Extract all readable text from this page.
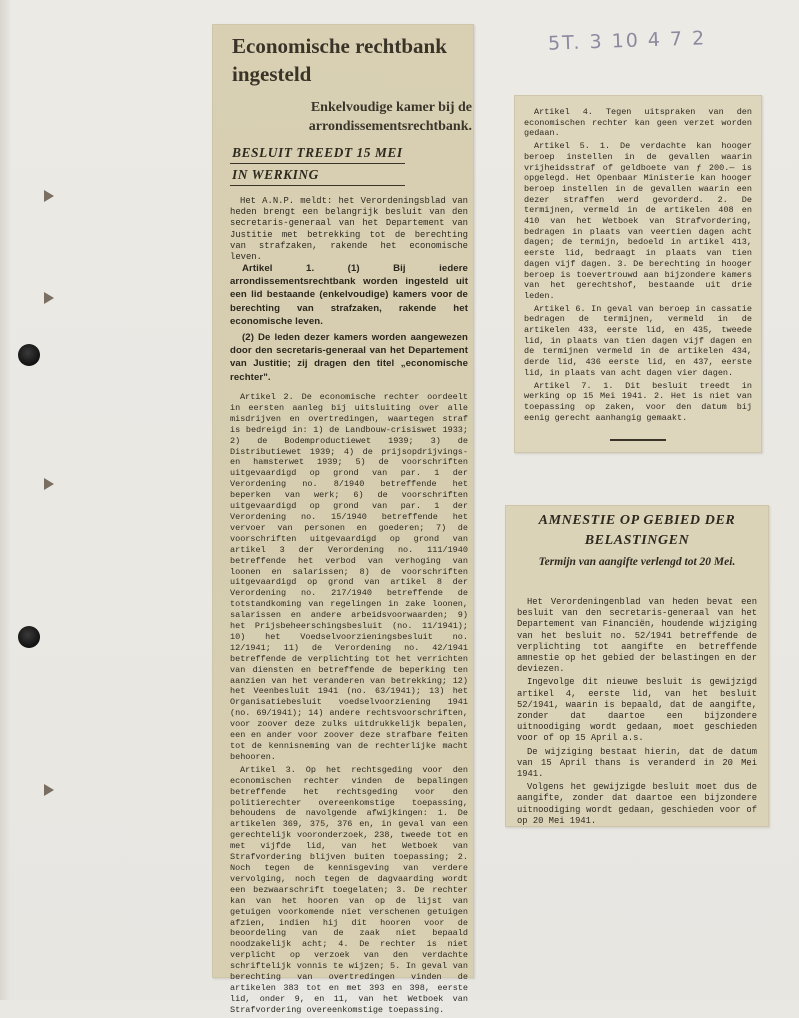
5T. 3 10 4 7 2
Economische rechtbank ingesteld
Enkelvoudige kamer bij de arrondissementsrechtbank.
BESLUIT TREEDT 15 MEI
IN WERKING

Het A.N.P. meldt: het Verordeningsblad van heden brengt een belangrijk besluit van den secretaris-generaal van het Departement van Justitie met betrekking tot de berechting van strafzaken, rakende het economische leven.

Artikel 1. (1) Bij iedere arrondissementsrechtbank worden ingesteld uit een lid bestaande (enkelvoudige) kamers voor de berechting van strafzaken, rakende het economische leven.

(2) De leden dezer kamers worden aangewezen door den secretaris-generaal van het Departement van Justitie; zij dragen den titel „economische rechter".

Artikel 2. De economische rechter oordeelt in eersten aanleg bij uitsluiting over alle misdrijven en overtredingen, waartegen straf is bedreigd in: 1) de Landbouw-crisiswet 1933; 2) de Bodemproductiewet 1939; 3) de Distributiewet 1939; 4) de prijsopdrijvings- en hamsterwet 1939; 5) de voorschriften uitgevaardigd op grond van par. 1 der Verordening no. 8/1940 betreffende het beperken van werk; 6) de voorschriften uitgevaardigd op grond van par. 1 der Verordening no. 15/1940 betreffende het vervoer van personen en goederen; 7) de voorschriften uitgevaardigd op grond van artikel 3 der Verordening no. 111/1940 betreffende het verbod van verhoging van loonen en salarissen; 8) de voorschriften uitgevaardigd op grond van artikel 8 der Verordening no. 217/1940 betreffende de totstandkoming van regelingen in zake loonen, salarissen en andere arbeidsvoorwaarden; 9) het Prijsbeheerschingsbesluit (no. 11/1941); 10) het Voedselvoorzieningsbesluit no. 12/1941; 11) de Verordening no. 42/1941 betreffende de verplichting tot het verrichten van diensten en betreffende de beperking ten aanzien van het veranderen van betrekking; 12) het Veenbesluit 1941 (no. 63/1941); 13) het Organisatiebesluit voedselvoorziening 1941 (no. 69/1941); 14) andere rechtsvoorschriften, voor zoover deze zulks uitdrukkelijk bepalen, een en ander voor zoover deze strafbare feiten tot de kennisneming van de rechterlijke macht behooren.

Artikel 3. Op het rechtsgeding voor den economischen rechter vinden de bepalingen betreffende het rechtsgeding voor den politierechter overeenkomstige toepassing, behoudens de navolgende afwijkingen: 1. De artikelen 369, 375, 376 en, in geval van een gerechtelijk vooronderzoek, 238, tweede tot en met vijfde lid, van het Wetboek van Strafvordering blijven buiten toepassing; 2. Noch tegen de kennisgeving van verdere vervolging, noch tegen de dagvaarding wordt een bezwaarschrift toegelaten; 3. De rechter kan van het hooren van op de lijst van getuigen voorkomende niet verschenen getuigen afzien, indien hij dit hooren voor de beoordeling van de zaak niet bepaald noodzakelijk acht; 4. De rechter is niet verplicht op verzoek van den verdachte schriftelijk vonnis te wijzen; 5. In geval van berechting van overtredingen vinden de artikelen 383 tot en met 393 en 398, eerste lid, onder 9, en 11, van het Wetboek van Strafvordering overeenkomstige toepassing.

Artikel 4. Tegen uitspraken van den economischen rechter kan geen verzet worden gedaan.

Artikel 5. 1. De verdachte kan hooger beroep instellen in de gevallen waarin vrijheidsstraf of geldboete van ƒ 200.— is opgelegd. Het Openbaar Ministerie kan hooger beroep instellen in de gevallen waarin een dezer straffen werd gevorderd. 2. De termijnen, vermeld in de artikelen 408 en 410 van het Wetboek van Strafvordering, bedragen in plaats van veertien dagen acht dagen; de termijn, bedoeld in artikel 413, eerste lid, bedraagt in plaats van tien dagen vijf dagen. 3. De berechting in hooger beroep is toevertrouwd aan bijzondere kamers van het gerechtshof, bestaande uit drie leden.

Artikel 6. In geval van beroep in cassatie bedragen de termijnen, vermeld in de artikelen 433, eerste lid, en 435, tweede lid, in plaats van tien dagen vijf dagen en de termijnen vermeld in de artikelen 434, derde lid, 436 eerste lid, en 437, eerste lid, in plaats van acht dagen vier dagen.

Artikel 7. 1. Dit besluit treedt in werking op 15 Mei 1941. 2. Het is niet van toepassing op zaken, voor den datum bij eenig gerecht aanhangig gemaakt.

AMNESTIE OP GEBIED DER BELASTINGEN
Termijn van aangifte verlengd tot 20 Mei.

Het Verordeningenblad van heden bevat een besluit van den secretaris-generaal van het Departement van Financiën, houdende wijziging van het besluit no. 52/1941 betreffende de verplichting tot aangifte en betreffende amnestie op het gebied der belastingen en der deviezen.

Ingevolge dit nieuwe besluit is gewijzigd artikel 4, eerste lid, van het besluit 52/1941, waarin is bepaald, dat de aangifte, zonder dat daartoe een bijzondere uitnoodiging wordt gedaan, moet geschieden voor of op 15 April a.s.

De wijziging bestaat hierin, dat de datum van 15 April thans is veranderd in 20 Mei 1941.

Volgens het gewijzigde besluit moet dus de aangifte, zonder dat daartoe een bijzondere uitnoodiging wordt gedaan, geschieden voor of op 20 Mei 1941.
